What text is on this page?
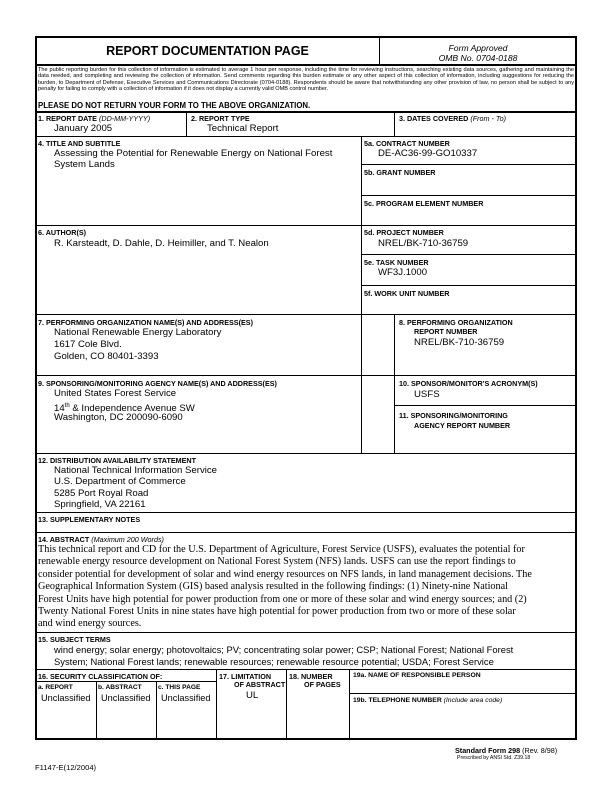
REPORT DOCUMENTATION PAGE	Form Approved
OMB No. 0704-0188
The public reporting burden for this collection of information is estimated to average 1 hour per response, including the time for reviewing instructions, searching existing data sources, gathering and maintaining the data needed, and completing and reviewing the collection of information. Send comments regarding this burden estimate or any other aspect of this collection of information, including suggestions for reducing the burden, to Department of Defense, Executive Services and Communications Directorate (0704-0188). Respondents should be aware that notwithstanding any other provision of law, no person shall be subject to any penalty for failing to comply with a collection of information if it does not display a currently valid OMB control number.
PLEASE DO NOT RETURN YOUR FORM TO THE ABOVE ORGANIZATION.
1. REPORT DATE (DD-MM-YYYY)
January 2005
2. REPORT TYPE
Technical Report
3. DATES COVERED (From - To)
4. TITLE AND SUBTITLE
Assessing the Potential for Renewable Energy on National Forest
System Lands
5a. CONTRACT NUMBER
DE-AC36-99-GO10337
5b. GRANT NUMBER
5c. PROGRAM ELEMENT NUMBER
6. AUTHOR(S)
R. Karsteadt, D. Dahle, D. Heimiller, and T. Nealon
5d. PROJECT NUMBER
NREL/BK-710-36759
5e. TASK NUMBER
WF3J.1000
5f. WORK UNIT NUMBER
7. PERFORMING ORGANIZATION NAME(S) AND ADDRESS(ES)
National Renewable Energy Laboratory
1617 Cole Blvd.
Golden, CO 80401-3393
8. PERFORMING ORGANIZATION
REPORT NUMBER
NREL/BK-710-36759
9. SPONSORING/MONITORING AGENCY NAME(S) AND ADDRESS(ES)
United States Forest Service
14th & Independence Avenue SW
Washington, DC 200090-6090
10. SPONSOR/MONITOR'S ACRONYM(S)
USFS
11. SPONSORING/MONITORING
AGENCY REPORT NUMBER
12. DISTRIBUTION AVAILABILITY STATEMENT
National Technical Information Service
U.S. Department of Commerce
5285 Port Royal Road
Springfield, VA 22161
13. SUPPLEMENTARY NOTES
14. ABSTRACT (Maximum 200 Words)
This technical report and CD for the U.S. Department of Agriculture, Forest Service (USFS), evaluates the potential for
renewable energy resource development on National Forest System (NFS) lands. USFS can use the report findings to
consider potential for development of solar and wind energy resources on NFS lands, in land management decisions. The
Geographical Information System (GIS) based analysis resulted in the following findings: (1) Ninety-nine National
Forest Units have high potential for power production from one or more of these solar and wind energy sources; and (2)
Twenty National Forest Units in nine states have high potential for power production from two or more of these solar
and wind energy sources.
15. SUBJECT TERMS
wind energy; solar energy; photovoltaics; PV; concentrating solar power; CSP; National Forest; National Forest
System; National Forest lands; renewable resources; renewable resource potential; USDA; Forest Service
16. SECURITY CLASSIFICATION OF:
a. REPORT
Unclassified
b. ABSTRACT
Unclassified
c. THIS PAGE
Unclassified
17. LIMITATION
OF ABSTRACT
UL
18. NUMBER
OF PAGES
19a. NAME OF RESPONSIBLE PERSON
19b. TELEPHONE NUMBER (Include area code)
Standard Form 298 (Rev. 8/98)
Prescribed by ANSI Std. Z39.18
F1147-E(12/2004)
